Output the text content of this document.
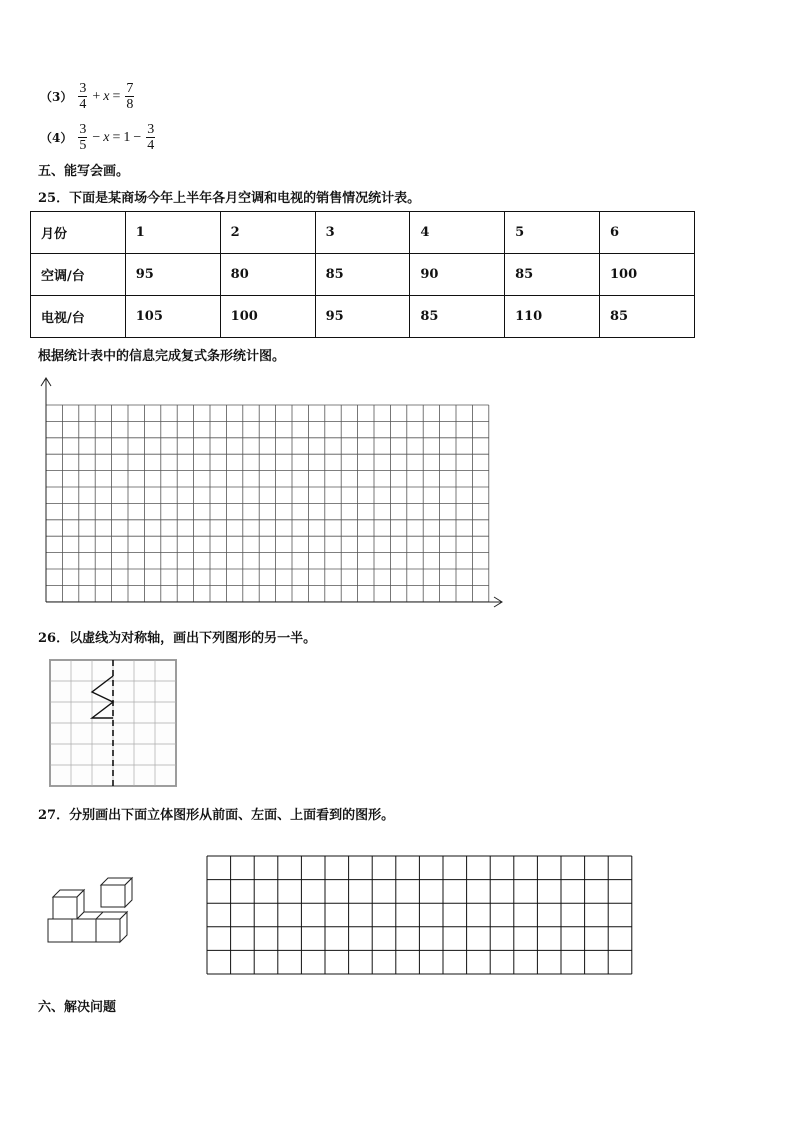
$(3) \frac{3}{4} + x = \frac{7}{8}$
$(4) \frac{3}{5} - x = 1 - \frac{3}{4}$
五、能写会画。
25．下面是某商场今年上半年各月空调和电视的销售情况统计表。
月份	1	2	3	4	5	6
空调/台	95	80	85	90	85	100
电视/台	105	100	95	85	110	85
根据统计表中的信息完成复式条形统计图。
26．以虚线为对称轴，画出下列图形的另一半。
27．分别画出下面立体图形从前面、左面、上面看到的图形。
六、解决问题
